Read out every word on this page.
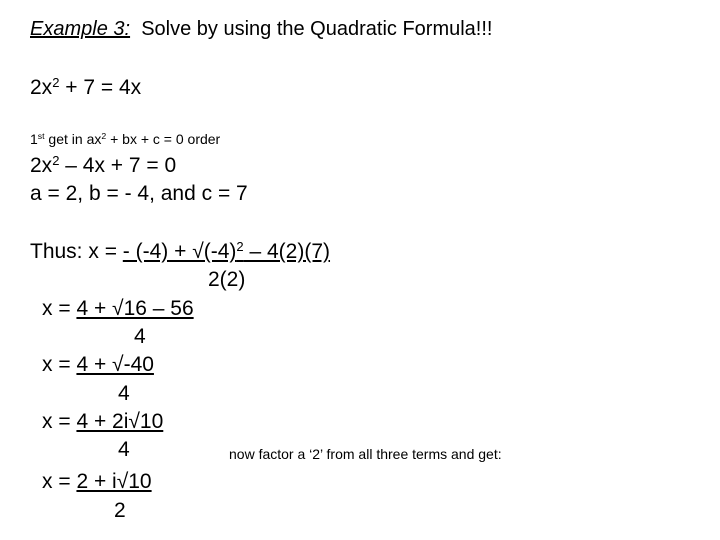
Example 3: Solve by using the Quadratic Formula!!!
$2x^2 + 7 = 4x$
1st get in $ax^2$ + bx + c = 0 order
$2x^2 - 4x + 7 = 0$
a = 2, b = - 4, and c = 7
Thus: x = - $(-4) + √(-4)^2 - 4(2)(7)$
2(2)
x = 4 + √16 – 56
4
x = 4 + √-40
4
x = 4 + 2i√10
4	now factor a ‘2’ from all three terms and get:
x = 2 + i√10
2
